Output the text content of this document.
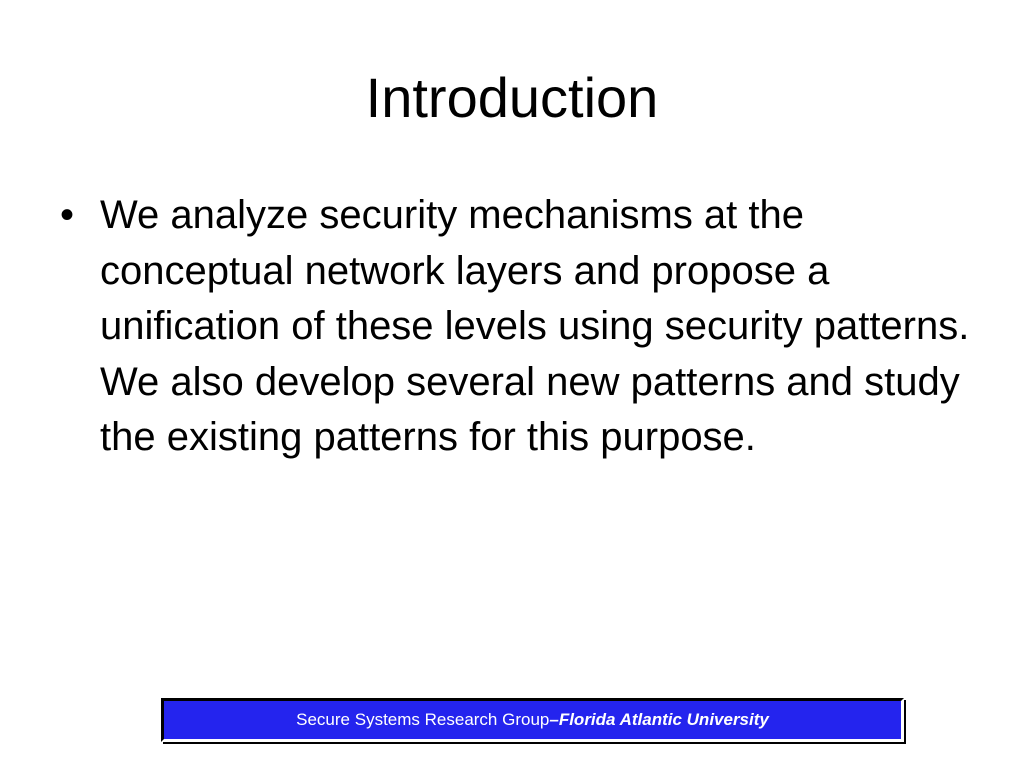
Introduction
• We analyze security mechanisms at the conceptual network layers and propose a unification of these levels using security patterns. We also develop several new patterns and study the existing patterns for this purpose.
Secure Systems Research Group – Florida Atlantic University
